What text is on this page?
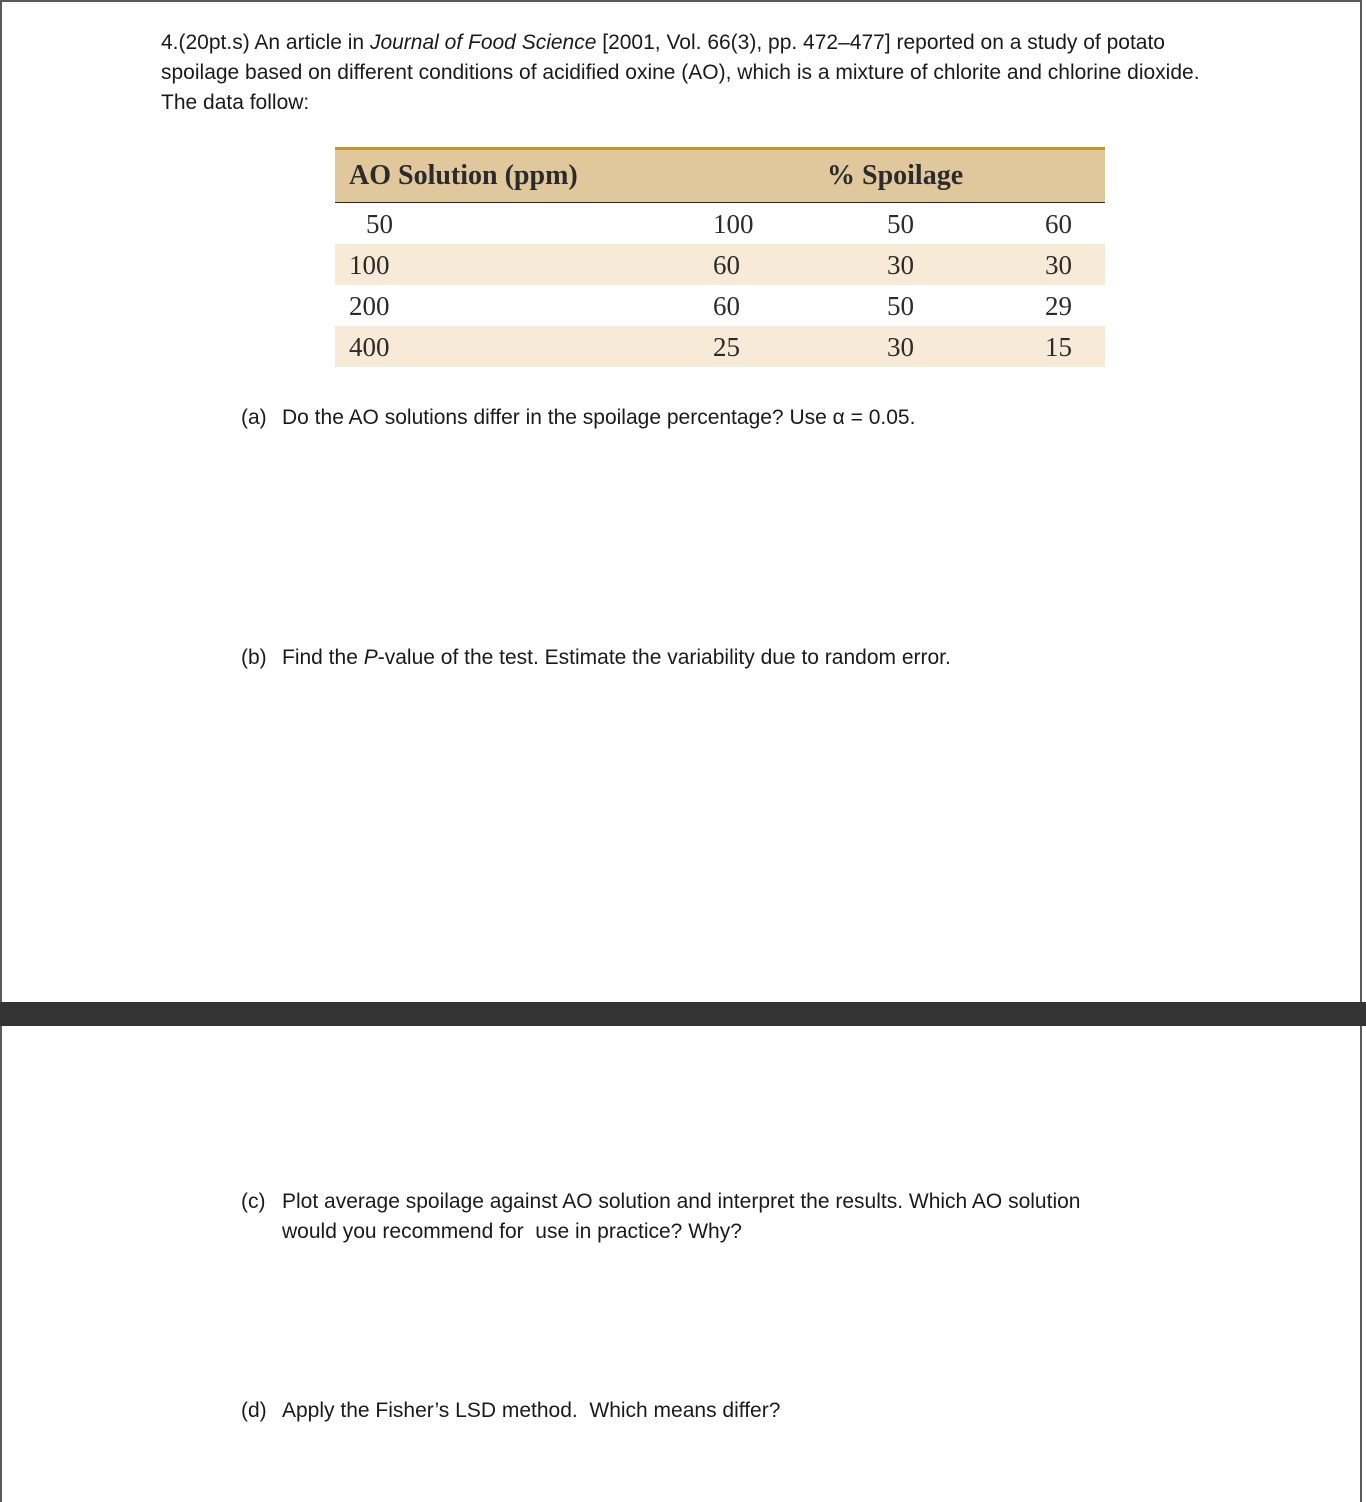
4.(20pt.s) An article in Journal of Food Science [2001, Vol. 66(3), pp. 472–477] reported on a study of potato spoilage based on different conditions of acidified oxine (AO), which is a mixture of chlorite and chlorine dioxide. The data follow:
AO Solution (ppm)	% Spoilage
50	100	50	60
100	60	30	30
200	60	50	29
400	25	30	15
(a) Do the AO solutions differ in the spoilage percentage? Use α = 0.05.
(b) Find the P-value of the test. Estimate the variability due to random error.
(c) Plot average spoilage against AO solution and interpret the results. Which AO solution
would you recommend for  use in practice? Why?
(d) Apply the Fisher’s LSD method.  Which means differ?
